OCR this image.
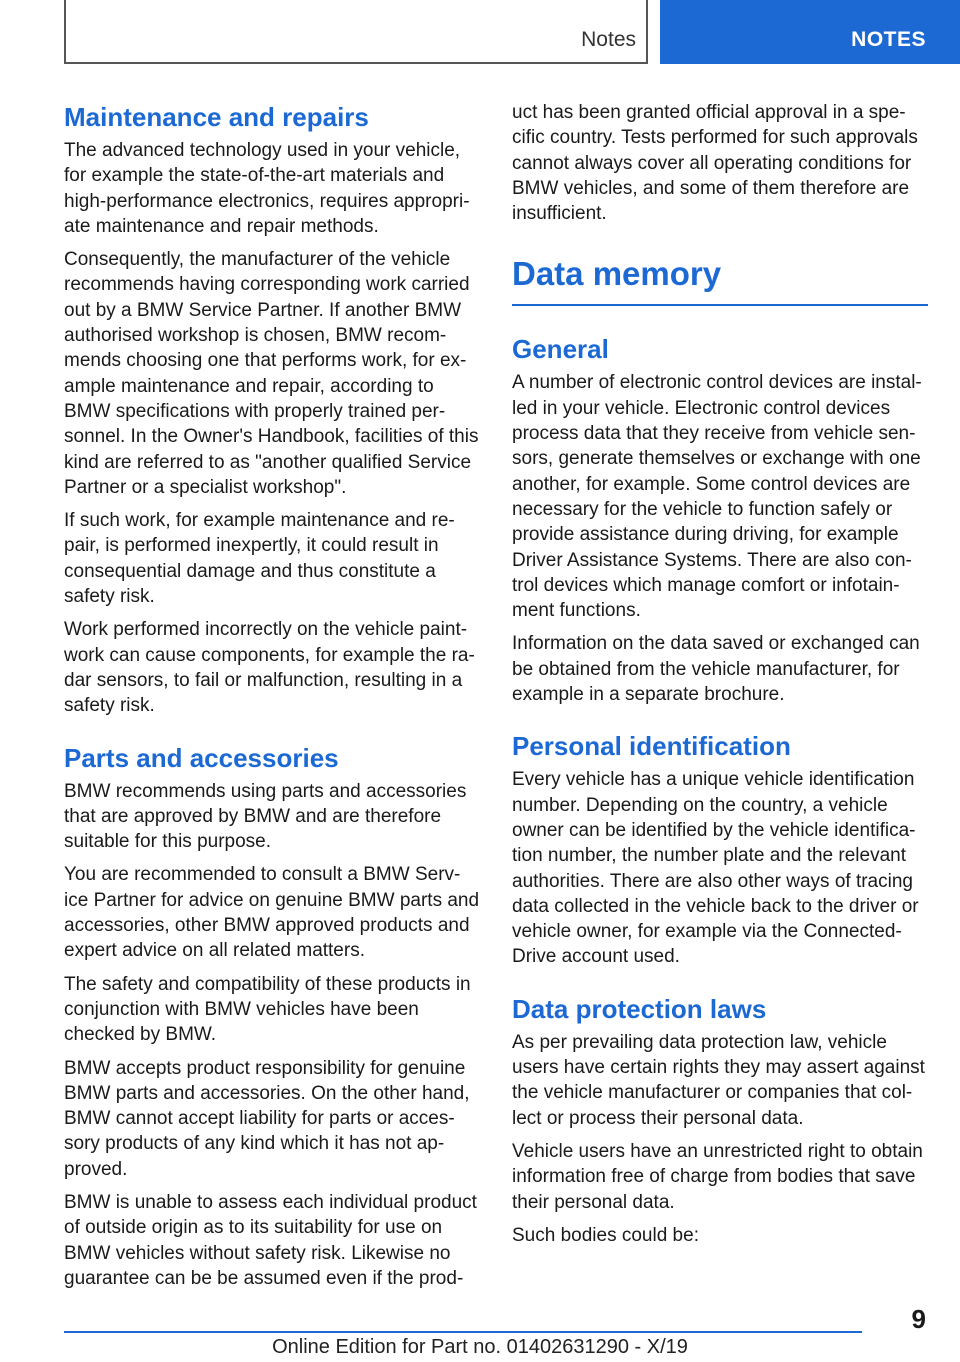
Notes	NOTES
Maintenance and repairs

The advanced technology used in your vehicle, for example the state-of-the-art materials and high-performance electronics, requires appropri-ate maintenance and repair methods.

Consequently, the manufacturer of the vehicle recommends having corresponding work carried out by a BMW Service Partner. If another BMW authorised workshop is chosen, BMW recom-mends choosing one that performs work, for ex-ample maintenance and repair, according to BMW specifications with properly trained per-sonnel. In the Owner's Handbook, facilities of this kind are referred to as "another qualified Service Partner or a specialist workshop".

If such work, for example maintenance and re-pair, is performed inexpertly, it could result in consequential damage and thus constitute a safety risk.

Work performed incorrectly on the vehicle paint-work can cause components, for example the ra-dar sensors, to fail or malfunction, resulting in a safety risk.

Parts and accessories

BMW recommends using parts and accessories that are approved by BMW and are therefore suitable for this purpose.

You are recommended to consult a BMW Serv-ice Partner for advice on genuine BMW parts and accessories, other BMW approved products and expert advice on all related matters.

The safety and compatibility of these products in conjunction with BMW vehicles have been checked by BMW.

BMW accepts product responsibility for genuine BMW parts and accessories. On the other hand, BMW cannot accept liability for parts or acces-sory products of any kind which it has not ap-proved.

BMW is unable to assess each individual product of outside origin as to its suitability for use on BMW vehicles without safety risk. Likewise no guarantee can be be assumed even if the prod-

uct has been granted official approval in a spe-cific country. Tests performed for such approvals cannot always cover all operating conditions for BMW vehicles, and some of them therefore are insufficient.

Data memory
General

A number of electronic control devices are instal-led in your vehicle. Electronic control devices process data that they receive from vehicle sen-sors, generate themselves or exchange with one another, for example. Some control devices are necessary for the vehicle to function safely or provide assistance during driving, for example Driver Assistance Systems. There are also con-trol devices which manage comfort or infotain-ment functions.

Information on the data saved or exchanged can be obtained from the vehicle manufacturer, for example in a separate brochure.

Personal identification

Every vehicle has a unique vehicle identification number. Depending on the country, a vehicle owner can be identified by the vehicle identifica-tion number, the number plate and the relevant authorities. There are also other ways of tracing data collected in the vehicle back to the driver or vehicle owner, for example via the Connected-Drive account used.

Data protection laws

As per prevailing data protection law, vehicle users have certain rights they may assert against the vehicle manufacturer or companies that col-lect or process their personal data.

Vehicle users have an unrestricted right to obtain information free of charge from bodies that save their personal data.

Such bodies could be:

9
Online Edition for Part no. 01402631290 - X/19
